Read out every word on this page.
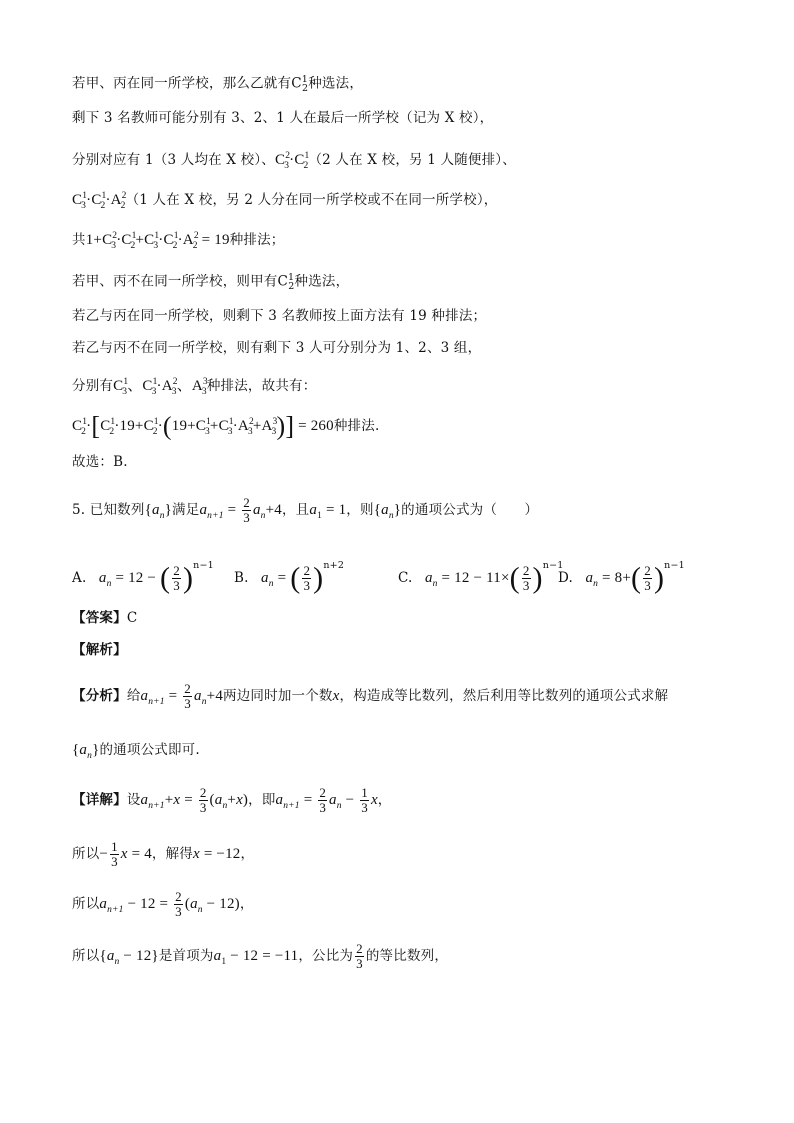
若甲、丙在同一所学校，那么乙就有$C^1_2$种选法，
剩下 3 名教师可能分别有 3、2、1 人在最后一所学校（记为 X 校），
分别对应有 1（3 人均在 X 校）、$C^2_3\cdot C^1_2(2$ 人在 X 校，另 1 人随便排）、
$C^1_3\cdot C^1_2\cdot A^2_2(1$ 人在 X 校，另 2 人分在同一所学校或不在同一所学校），
共$1+C^2_3\cdot C^1_2+C^1_3\cdot C^1_2\cdot A^2_2 = 19$种排法；
若甲、丙不在同一所学校，则甲有$C^1_2$种选法，
若乙与丙在同一所学校，则剩下 3 名教师按上面方法有 19 种排法；
若乙与丙不在同一所学校，则有剩下 3 人可分别分为 1、2、3 组，
分别有$C^1_3$、$C^1_3\cdot A^2_3$、$A^3_3$种排法，故共有：
$C^1_2\cdot[C^1_2\cdot 19+C^1_2\cdot(19+C^1_3+C^1_3\cdot A^2_3+A^3_3)] = 260$种排法.
故选：B.
5. 已知数列$\{a_n\}$满足$a_{n+1} = \frac{2}{3} a_n+4$，且$a_1 = 1$，则$\{a_n\}$的通项公式为（　　）
A.   $a_n = 12$ − ( $\frac{2}{3} )^{n-1}$
B.   $a_n$ = ( $\frac{2}{3} )^{n+2}$
C.   $a_n = 12 - 11\times( \frac{2}{3} )^{n-1}$
D.   $a_n = 8+( \frac{2}{3} )^{n-1}$
【答案】C
【解析】
【分析】给$a_{n+1} = \frac{2}{3} a_n+4$两边同时加一个数x，构造成等比数列，然后利用等比数列的通项公式求解
$\{a_n\}$的通项公式即可.
【详解】设$a_{n+1}+x = \frac{2}{3} (a_n+x)$，即$a_{n+1} = \frac{2}{3} a_n - \frac{1}{3}$ x，
所以− $\frac{1}{3}$ x = 4，解得x = −12，
所以$a_{n+1} - 12 = \frac{2}{3} (a_n - 12)$，
所以$\{a_n - 12\}$是首项为$a_1 - 12 = -11$，公比为 $\frac{2}{3}$ 的等比数列，
